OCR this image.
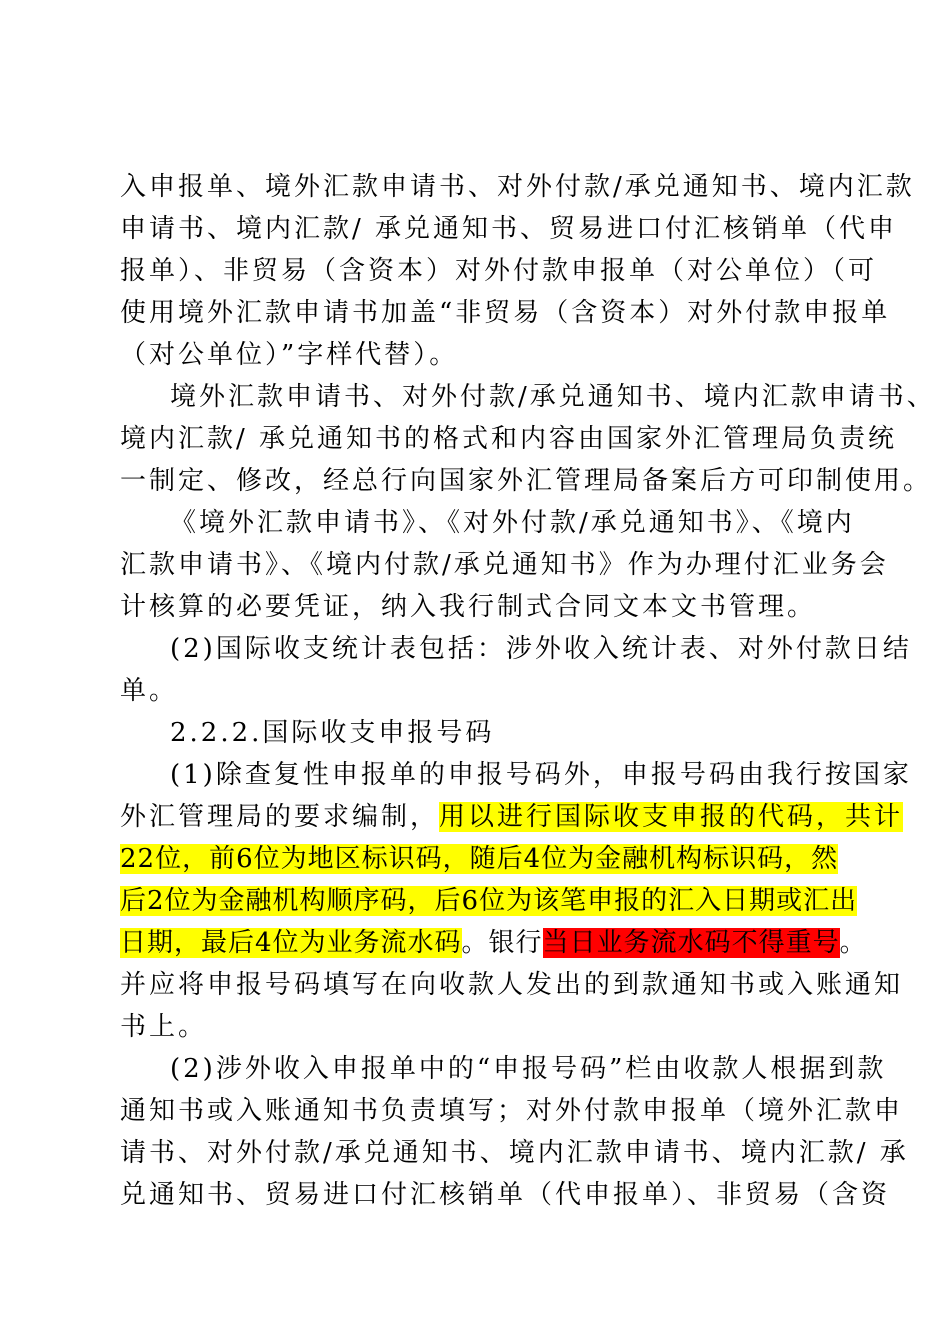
入申报单、境外汇款申请书、对外付款/承兑通知书、境内汇款
申请书、境内汇款/ 承兑通知书、贸易进口付汇核销单（代申
报单）、非贸易（含资本）对外付款申报单（对公单位）（可
使用境外汇款申请书加盖“非贸易（含资本）对外付款申报单
（对公单位）”字样代替）。
境外汇款申请书、对外付款/承兑通知书、境内汇款申请书、
境内汇款/ 承兑通知书的格式和内容由国家外汇管理局负责统
一制定、修改，经总行向国家外汇管理局备案后方可印制使用。
《境外汇款申请书》、《对外付款/承兑通知书》、《境内
汇款申请书》、《境内付款/承兑通知书》作为办理付汇业务会
计核算的必要凭证，纳入我行制式合同文本文书管理。
(2)国际收支统计表包括：涉外收入统计表、对外付款日结
单。
2.2.2.国际收支申报号码
(1)除查复性申报单的申报号码外，申报号码由我行按国家
外汇管理局的要求编制，用以进行国际收支申报的代码，共计
22位，前6位为地区标识码，随后4位为金融机构标识码，然
后2位为金融机构顺序码，后6位为该笔申报的汇入日期或汇出
日期，最后4位为业务流水码。银行当日业务流水码不得重号。
并应将申报号码填写在向收款人发出的到款通知书或入账通知
书上。
(2)涉外收入申报单中的“申报号码”栏由收款人根据到款
通知书或入账通知书负责填写；对外付款申报单（境外汇款申
请书、对外付款/承兑通知书、境内汇款申请书、境内汇款/ 承
兑通知书、贸易进口付汇核销单（代申报单）、非贸易（含资
